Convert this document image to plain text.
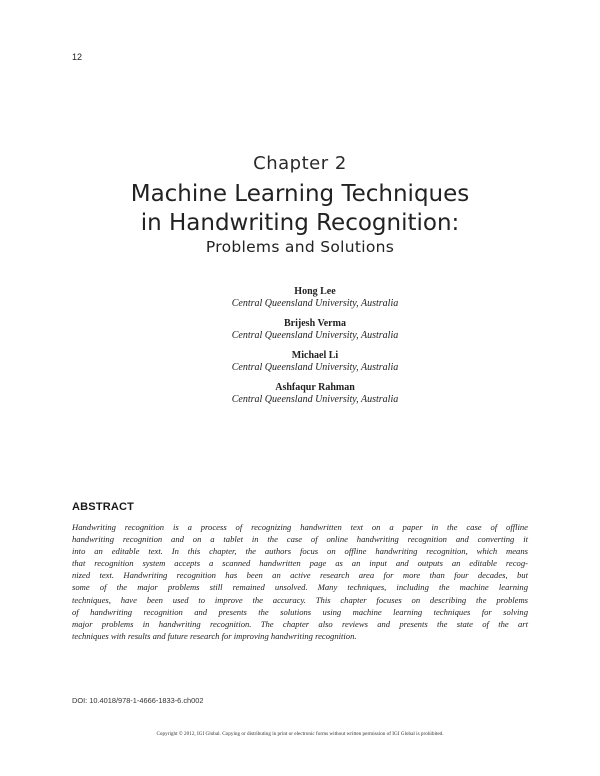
12
Chapter 2
Machine Learning Techniques
in Handwriting Recognition:
Problems and Solutions
Hong Lee
Central Queensland University, Australia
Brijesh Verma
Central Queensland University, Australia
Michael Li
Central Queensland University, Australia
Ashfaqur Rahman
Central Queensland University, Australia
ABSTRACT
Handwriting recognition is a process of recognizing handwritten text on a paper in the case of offline
handwriting recognition and on a tablet in the case of online handwriting recognition and converting it
into an editable text. In this chapter, the authors focus on offline handwriting recognition, which means
that recognition system accepts a scanned handwritten page as an input and outputs an editable recog-
nized text. Handwriting recognition has been an active research area for more than four decades, but
some of the major problems still remained unsolved. Many techniques, including the machine learning
techniques, have been used to improve the accuracy. This chapter focuses on describing the problems
of handwriting recognition and presents the solutions using machine learning techniques for solving
major problems in handwriting recognition. The chapter also reviews and presents the state of the art
techniques with results and future research for improving handwriting recognition.
DOI: 10.4018/978-1-4666-1833-6.ch002
Copyright © 2012, IGI Global. Copying or distributing in print or electronic forms without written permission of IGI Global is prohibited.
